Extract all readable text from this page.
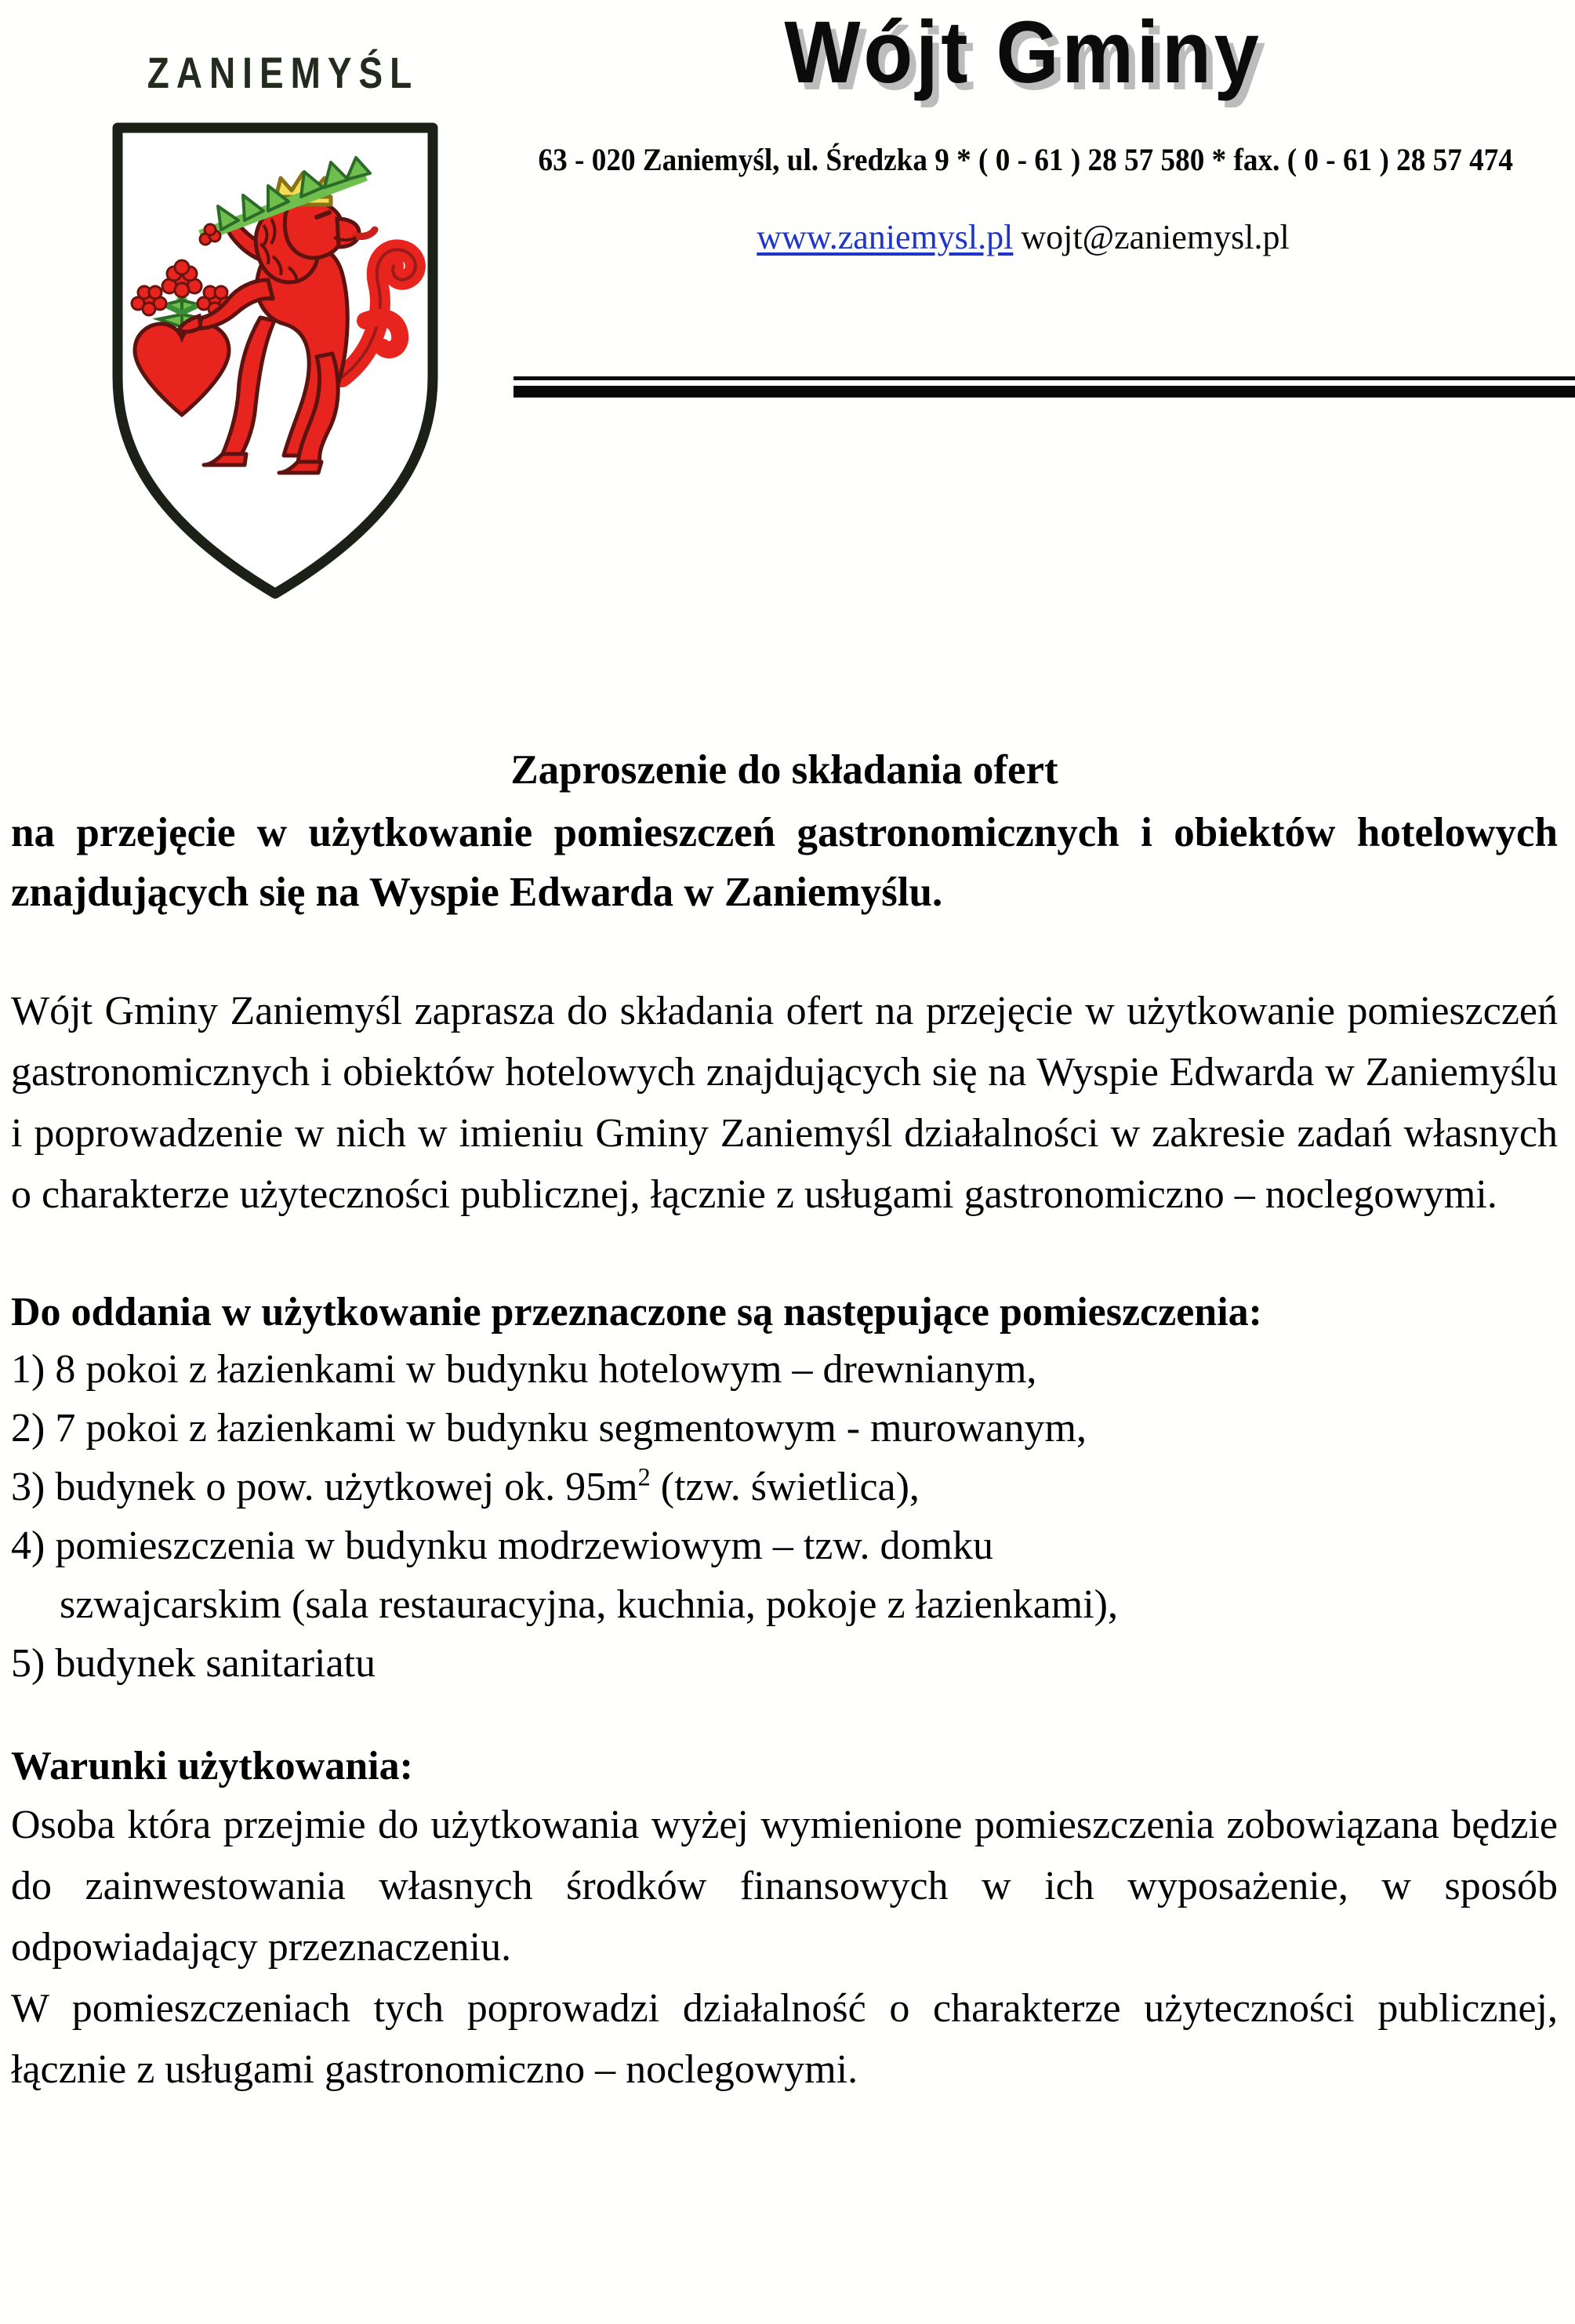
ZANIEMYŚL	Wójt Gminy
63 - 020 Zaniemyśl, ul. Średzka 9 * ( 0 - 61 ) 28 57 580 * fax. ( 0 - 61 ) 28 57 474
www.zaniemysl.pl wojt@zaniemysl.pl
Zaproszenie do składania ofert
na przejęcie w użytkowanie pomieszczeń gastronomicznych i obiektów hotelowych znajdujących się na Wyspie Edwarda w Zaniemyślu.

Wójt Gminy Zaniemyśl zaprasza do składania ofert na przejęcie w użytkowanie pomieszczeń gastronomicznych i obiektów hotelowych znajdujących się na Wyspie Edwarda w Zaniemyślu i poprowadzenie w nich w imieniu Gminy Zaniemyśl działalności w zakresie zadań własnych o charakterze użyteczności publicznej, łącznie z usługami gastronomiczno – noclegowymi.

Do oddania w użytkowanie przeznaczone są następujące pomieszczenia:
1) 8 pokoi z łazienkami w budynku hotelowym – drewnianym,
2) 7 pokoi z łazienkami w budynku segmentowym - murowanym,
3) budynek o pow. użytkowej ok. $95m^2$ (tzw. świetlica),
4) pomieszczenia w budynku modrzewiowym – tzw. domku
szwajcarskim (sala restauracyjna, kuchnia, pokoje z łazienkami),
5) budynek sanitariatu
Warunki użytkowania:

Osoba która przejmie do użytkowania wyżej wymienione pomieszczenia zobowiązana będzie do zainwestowania własnych środków finansowych w ich wyposażenie, w sposób odpowiadający przeznaczeniu.

W pomieszczeniach tych poprowadzi działalność o charakterze użyteczności publicznej, łącznie z usługami gastronomiczno – noclegowymi.
